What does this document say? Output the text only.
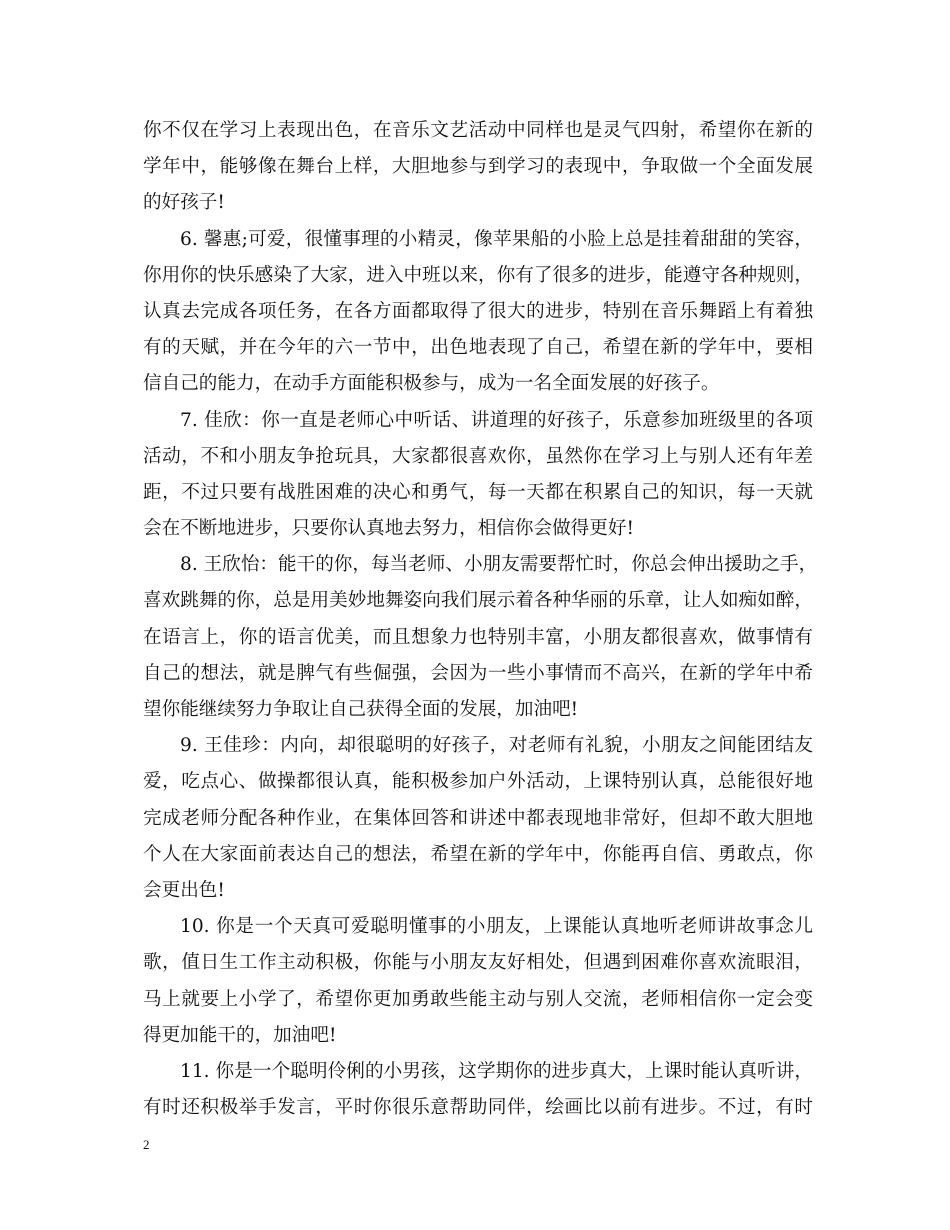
你不仅在学习上表现出色，在音乐文艺活动中同样也是灵气四射，希望你在新的
学年中，能够像在舞台上样，大胆地参与到学习的表现中，争取做一个全面发展
的好孩子!
6. 馨惠;可爱，很懂事理的小精灵，像苹果船的小脸上总是挂着甜甜的笑容，
你用你的快乐感染了大家，进入中班以来，你有了很多的进步，能遵守各种规则，
认真去完成各项任务，在各方面都取得了很大的进步，特别在音乐舞蹈上有着独
有的天赋，并在今年的六一节中，出色地表现了自己，希望在新的学年中，要相
信自己的能力，在动手方面能积极参与，成为一名全面发展的好孩子。
7. 佳欣：你一直是老师心中听话、讲道理的好孩子，乐意参加班级里的各项
活动，不和小朋友争抢玩具，大家都很喜欢你，虽然你在学习上与别人还有年差
距，不过只要有战胜困难的决心和勇气，每一天都在积累自己的知识，每一天就
会在不断地进步，只要你认真地去努力，相信你会做得更好!
8. 王欣怡：能干的你，每当老师、小朋友需要帮忙时，你总会伸出援助之手，
喜欢跳舞的你，总是用美妙地舞姿向我们展示着各种华丽的乐章，让人如痴如醉，
在语言上，你的语言优美，而且想象力也特别丰富，小朋友都很喜欢，做事情有
自己的想法，就是脾气有些倔强，会因为一些小事情而不高兴，在新的学年中希
望你能继续努力争取让自己获得全面的发展，加油吧!
9. 王佳珍：内向，却很聪明的好孩子，对老师有礼貌，小朋友之间能团结友
爱，吃点心、做操都很认真，能积极参加户外活动，上课特别认真，总能很好地
完成老师分配各种作业，在集体回答和讲述中都表现地非常好，但却不敢大胆地
个人在大家面前表达自己的想法，希望在新的学年中，你能再自信、勇敢点，你
会更出色!
10. 你是一个天真可爱聪明懂事的小朋友，上课能认真地听老师讲故事念儿
歌，值日生工作主动积极，你能与小朋友友好相处，但遇到困难你喜欢流眼泪，
马上就要上小学了，希望你更加勇敢些能主动与别人交流，老师相信你一定会变
得更加能干的，加油吧!
11. 你是一个聪明伶俐的小男孩，这学期你的进步真大，上课时能认真听讲，
有时还积极举手发言，平时你很乐意帮助同伴，绘画比以前有进步。不过，有时
2
